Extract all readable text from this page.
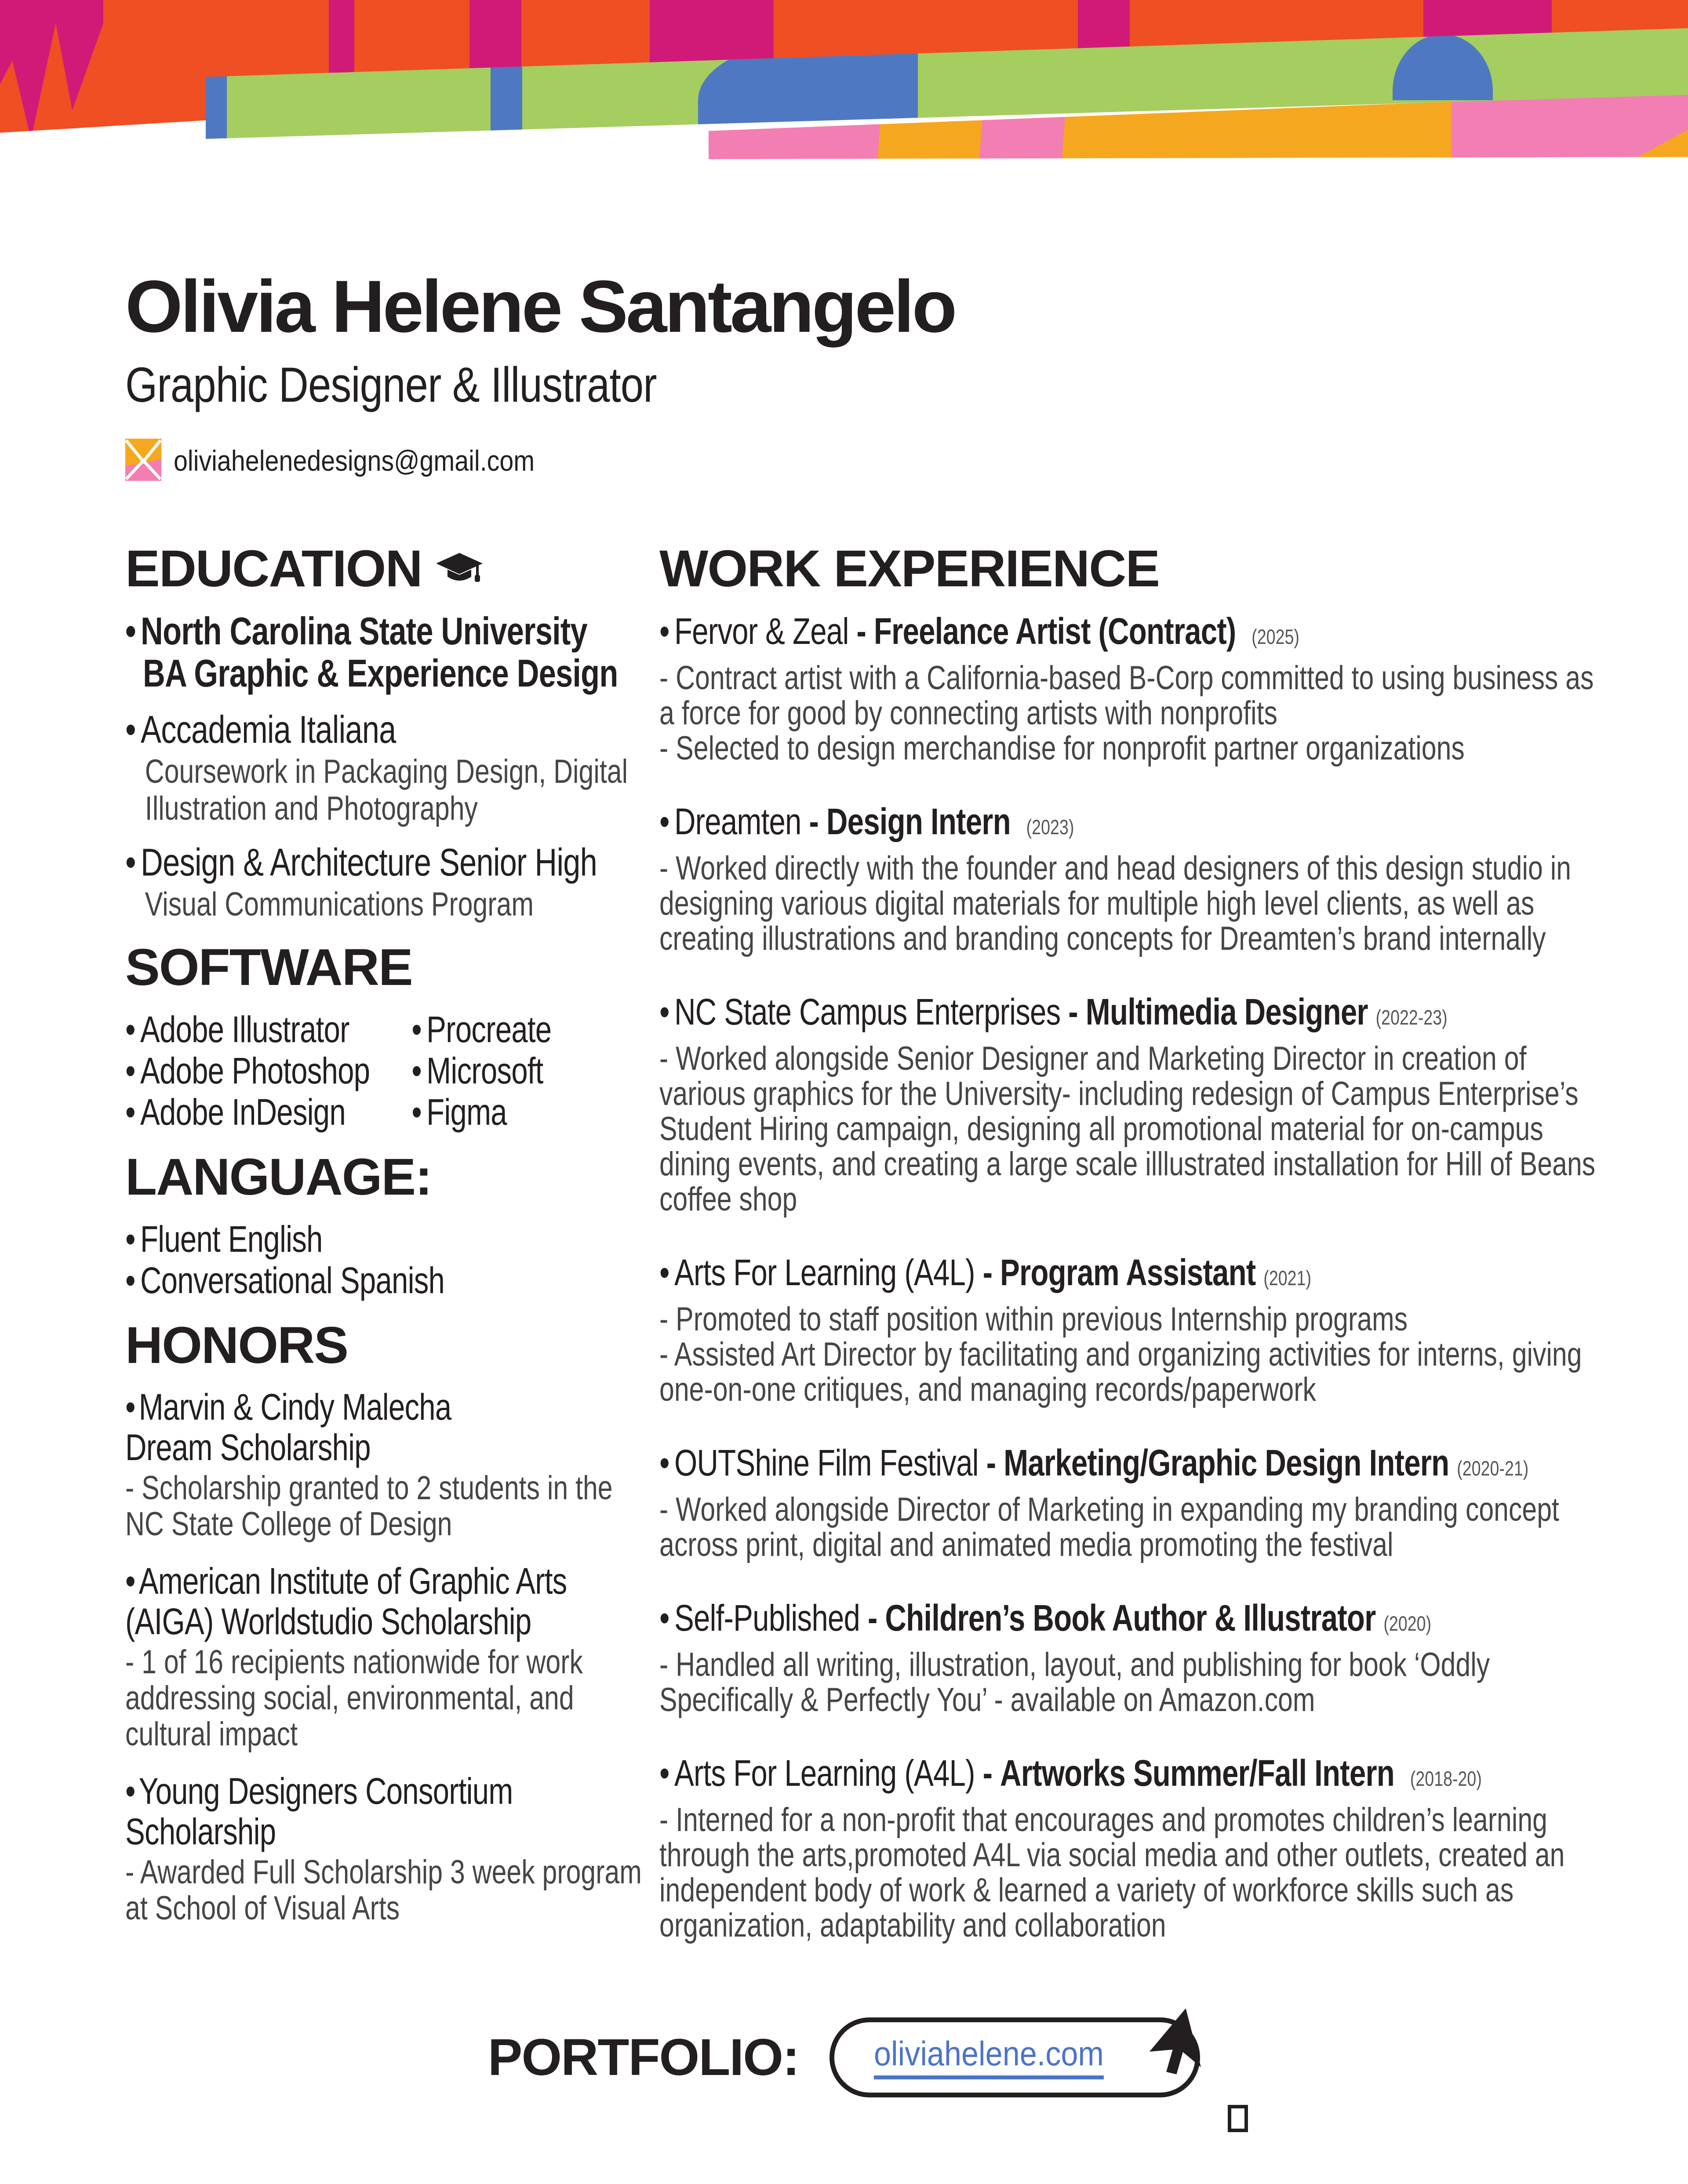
Olivia Helene Santangelo
Graphic Designer & Illustrator
oliviahelenedesigns@gmail.com
EDUCATION
• North Carolina State University
BA Graphic & Experience Design
• Accademia Italiana
Coursework in Packaging Design, Digital Illustration and Photography
• Design & Architecture Senior High
Visual Communications Program
SOFTWARE
• Adobe Illustrator
• Adobe Photoshop
• Adobe InDesign
• Procreate
• Microsoft
• Figma
LANGUAGE:
• Fluent English
• Conversational Spanish
HONORS
•Marvin & Cindy Malecha Dream Scholarship
- Scholarship granted to 2 students in the NC State College of Design
•American Institute of Graphic Arts (AIGA) Worldstudio Scholarship
- 1 of 16 recipients nationwide for work addressing social, environmental, and cultural impact
•Young Designers Consortium Scholarship
- Awarded Full Scholarship 3 week program at School of Visual Arts
WORK EXPERIENCE
• Fervor & Zeal - Freelance Artist (Contract) (2025)

- Contract artist with a California-based B-Corp committed to using business as a force for good by connecting artists with nonprofits

- Selected to design merchandise for nonprofit partner organizations

• Dreamten - Design Intern (2023)

- Worked directly with the founder and head designers of this design studio in designing various digital materials for multiple high level clients, as well as creating illustrations and branding concepts for Dreamten’s brand internally

• NC State Campus Enterprises - Multimedia Designer (2022-23)

- Worked alongside Senior Designer and Marketing Director in creation of various graphics for the University- including redesign of Campus Enterprise’s Student Hiring campaign, designing all promotional material for on-campus dining events, and creating a large scale illlustrated installation for Hill of Beans coffee shop

• Arts For Learning (A4L) - Program Assistant (2021)

- Promoted to staff position within previous Internship programs

- Assisted Art Director by facilitating and organizing activities for interns, giving one-on-one critiques, and managing records/paperwork

• OUTShine Film Festival - Marketing/Graphic Design Intern (2020-21)

- Worked alongside Director of Marketing in expanding my branding concept across print, digital and animated media promoting the festival

• Self-Published - Children’s Book Author & Illustrator (2020)

- Handled all writing, illustration, layout, and publishing for book ‘Oddly Specifically & Perfectly You’ - available on Amazon.com

• Arts For Learning (A4L) - Artworks Summer/Fall Intern (2018-20)

- Interned for a non-profit that encourages and promotes children’s learning through the arts,promoted A4L via social media and other outlets, created an independent body of work & learned a variety of workforce skills such as organization, adaptability and collaboration

PORTFOLIO:	oliviahelene.com
